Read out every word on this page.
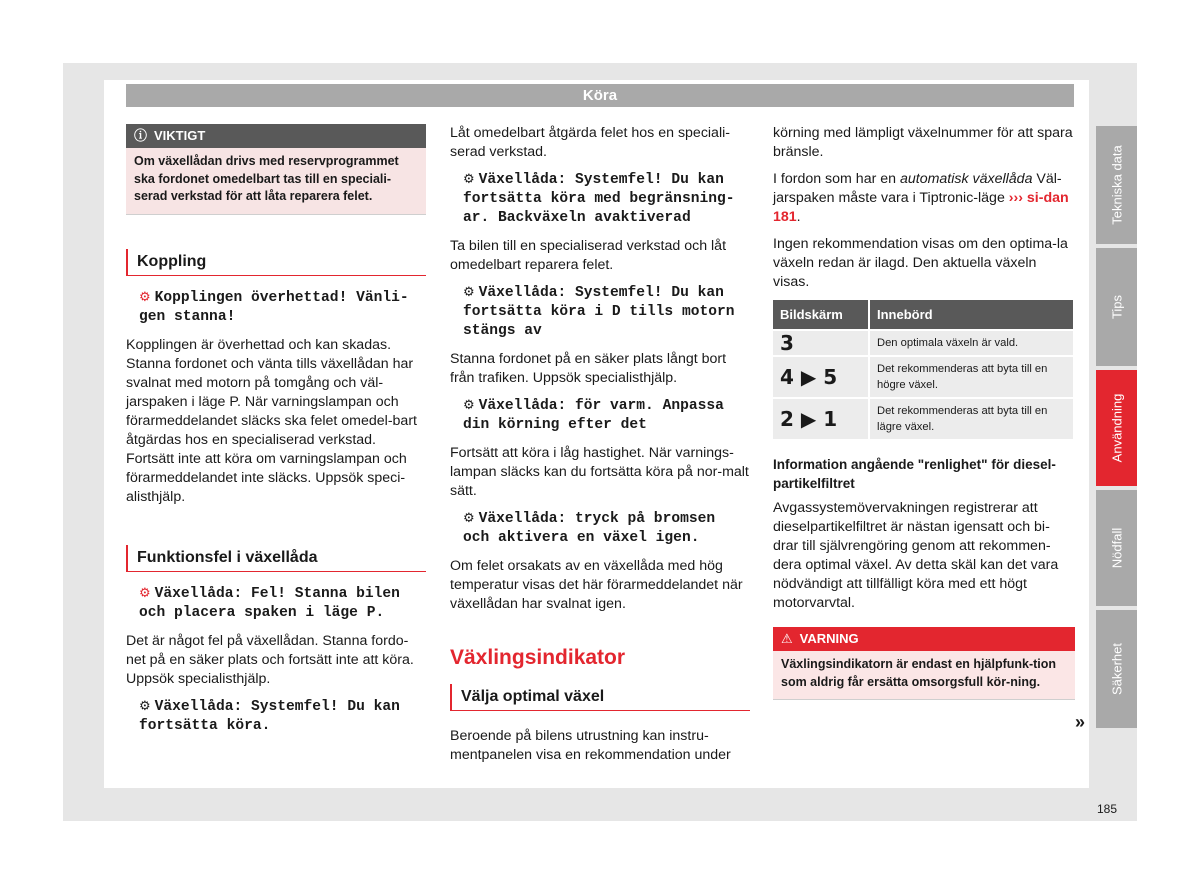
Köra
ⓘ VIKTIGT
Om växellådan drivs med reservprogrammet ska fordonet omedelbart tas till en speciali-serad verkstad för att låta reparera felet.
Koppling
⚙ Kopplingen överhettad! Vänli-gen stanna!

Kopplingen är överhettad och kan skadas. Stanna fordonet och vänta tills växellådan har svalnat med motorn på tomgång och väl-jarspaken i läge P. När varningslampan och förarmeddelandet släcks ska felet omedel-bart åtgärdas hos en specialiserad verkstad. Fortsätt inte att köra om varningslampan och förarmeddelandet inte släcks. Uppsök speci-alisthjälp.

Funktionsfel i växellåda
⚙ Växellåda: Fel! Stanna bilen och placera spaken i läge P.

Det är något fel på växellådan. Stanna fordo-net på en säker plats och fortsätt inte att köra. Uppsök specialisthjälp.

⚙ Växellåda: Systemfel! Du kan fortsätta köra.

Låt omedelbart åtgärda felet hos en speciali-serad verkstad.

⚙ Växellåda: Systemfel! Du kan fortsätta köra med begränsning-ar. Backväxeln avaktiverad

Ta bilen till en specialiserad verkstad och låt omedelbart reparera felet.

⚙ Växellåda: Systemfel! Du kan fortsätta köra i D tills motorn stängs av

Stanna fordonet på en säker plats långt bort från trafiken. Uppsök specialisthjälp.

⚙ Växellåda: för varm. Anpassa din körning efter det

Fortsätt att köra i låg hastighet. När varnings-lampan släcks kan du fortsätta köra på nor-malt sätt.

⚙ Växellåda: tryck på bromsen och aktivera en växel igen.

Om felet orsakats av en växellåda med hög temperatur visas det här förarmeddelandet när växellådan har svalnat igen.

Växlingsindikator
Välja optimal växel

Beroende på bilens utrustning kan instru-mentpanelen visa en rekommendation under

körning med lämpligt växelnummer för att spara bränsle.

I fordon som har en automatisk växellåda Väl-jarspaken måste vara i Tiptronic-läge ››› si-dan 181.

Ingen rekommendation visas om den optima-la växeln redan är ilagd. Den aktuella växeln visas.

Bildskärm	Innebörd
3	Den optimala växeln är vald.
4 ▶ 5	Det rekommenderas att byta till en högre växel.
2 ▶ 1	Det rekommenderas att byta till en lägre växel.
Information angående "renlighet" för diesel-partikelfiltret

Avgassystemövervakningen registrerar att dieselpartikelfiltret är nästan igensatt och bi-drar till självrengöring genom att rekommen-dera optimal växel. Av detta skäl kan det vara nödvändigt att tillfälligt köra med ett högt motorvarvtal.

⚠ VARNING
Växlingsindikatorn är endast en hjälpfunk-tion som aldrig får ersätta omsorgsfull kör-ning.
»
Tekniska data
Tips
Användning
Nödfall
Säkerhet
185
